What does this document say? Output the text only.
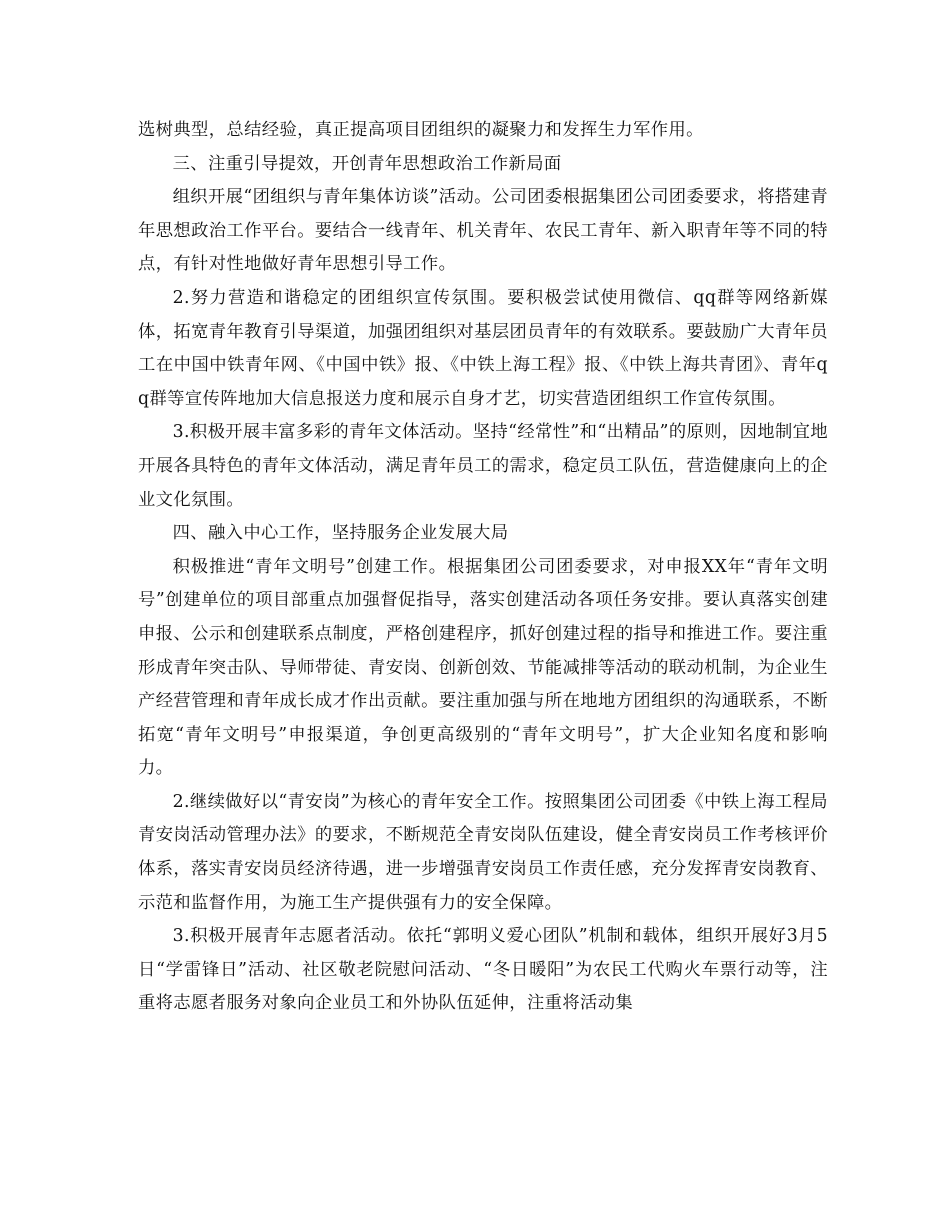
选树典型，总结经验，真正提高项目团组织的凝聚力和发挥生力军作用。

三、注重引导提效，开创青年思想政治工作新局面

组织开展“团组织与青年集体访谈”活动。公司团委根据集团公司团委要求，将搭建青年思想政治工作平台。要结合一线青年、机关青年、农民工青年、新入职青年等不同的特点，有针对性地做好青年思想引导工作。

2.努力营造和谐稳定的团组织宣传氛围。要积极尝试使用微信、qq群等网络新媒体，拓宽青年教育引导渠道，加强团组织对基层团员青年的有效联系。要鼓励广大青年员工在中国中铁青年网、《中国中铁》报、《中铁上海工程》报、《中铁上海共青团》、青年qq群等宣传阵地加大信息报送力度和展示自身才艺，切实营造团组织工作宣传氛围。

3.积极开展丰富多彩的青年文体活动。坚持“经常性”和“出精品”的原则，因地制宜地开展各具特色的青年文体活动，满足青年员工的需求，稳定员工队伍，营造健康向上的企业文化氛围。

四、融入中心工作，坚持服务企业发展大局

积极推进“青年文明号”创建工作。根据集团公司团委要求，对申报XX年“青年文明号”创建单位的项目部重点加强督促指导，落实创建活动各项任务安排。要认真落实创建申报、公示和创建联系点制度，严格创建程序，抓好创建过程的指导和推进工作。要注重形成青年突击队、导师带徒、青安岗、创新创效、节能减排等活动的联动机制，为企业生产经营管理和青年成长成才作出贡献。要注重加强与所在地地方团组织的沟通联系，不断拓宽“青年文明号”申报渠道，争创更高级别的“青年文明号”，扩大企业知名度和影响力。

2.继续做好以“青安岗”为核心的青年安全工作。按照集团公司团委《中铁上海工程局青安岗活动管理办法》的要求，不断规范全青安岗队伍建设，健全青安岗员工作考核评价体系，落实青安岗员经济待遇，进一步增强青安岗员工作责任感，充分发挥青安岗教育、示范和监督作用，为施工生产提供强有力的安全保障。

3.积极开展青年志愿者活动。依托“郭明义爱心团队”机制和载体，组织开展好3月5日“学雷锋日”活动、社区敬老院慰问活动、“冬日暖阳”为农民工代购火车票行动等，注重将志愿者服务对象向企业员工和外协队伍延伸，注重将活动集
